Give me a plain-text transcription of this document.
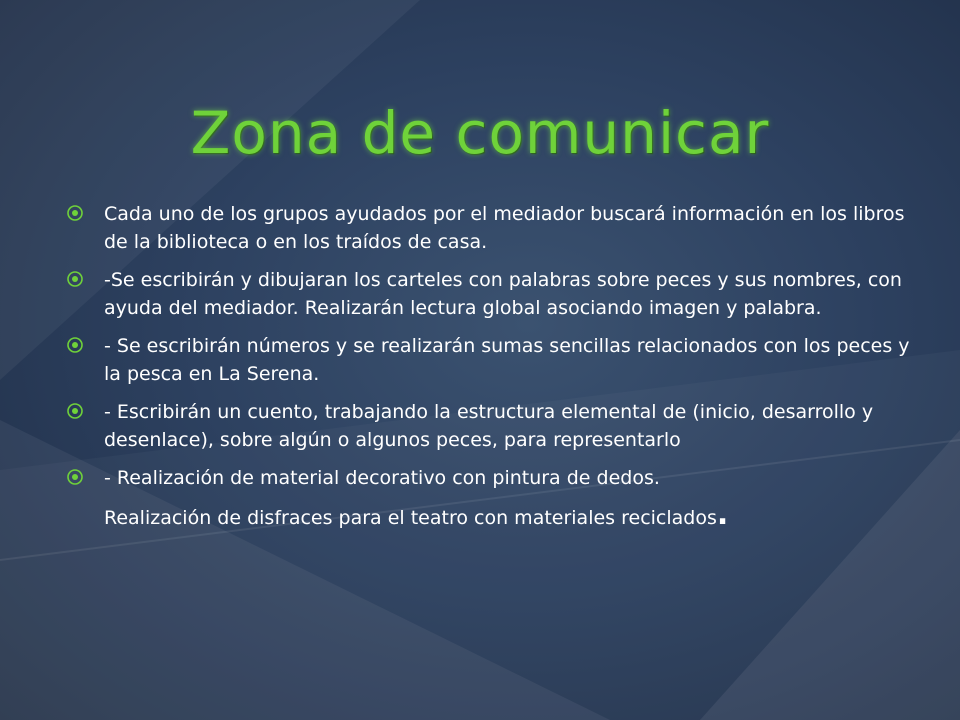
Zona de comunicar
Cada uno de los grupos ayudados por el mediador buscará información en los libros de la biblioteca o en los traídos de casa.
-Se escribirán y dibujaran los carteles con palabras sobre peces y sus nombres, con ayuda del mediador. Realizarán lectura global asociando imagen y palabra.
- Se escribirán números y se realizarán sumas sencillas relacionados con los peces y la pesca en La Serena.
- Escribirán un cuento, trabajando la estructura elemental de (inicio, desarrollo y desenlace), sobre algún o algunos peces, para representarlo
- Realización de material decorativo con pintura de dedos.
Realización de disfraces para el teatro con materiales reciclados.
